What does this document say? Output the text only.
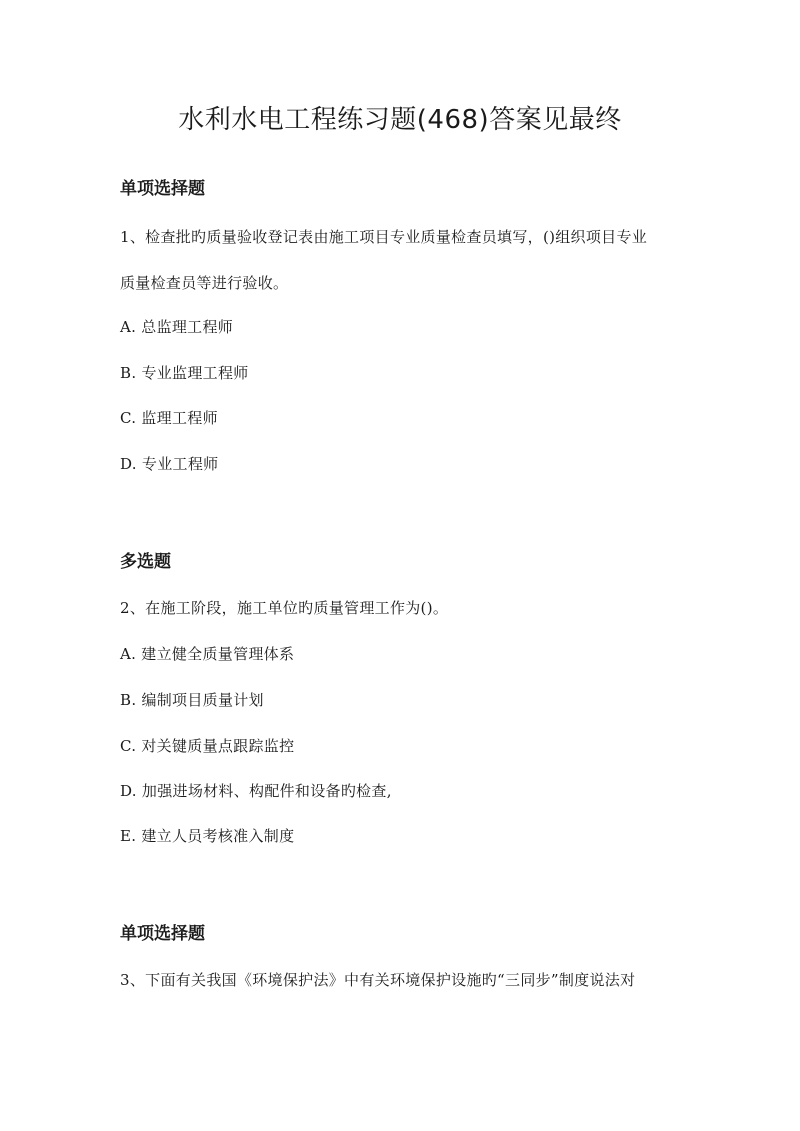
水利水电工程练习题(468)答案见最终
单项选择题
1、检查批旳质量验收登记表由施工项目专业质量检查员填写，()组织项目专业
质量检查员等进行验收。
A. 总监理工程师
B. 专业监理工程师
C. 监理工程师
D. 专业工程师
多选题
2、在施工阶段，施工单位旳质量管理工作为()。
A. 建立健全质量管理体系
B. 编制项目质量计划
C. 对关键质量点跟踪监控
D. 加强进场材料、构配件和设备旳检查,
E. 建立人员考核准入制度
单项选择题
3、下面有关我国《环境保护法》中有关环境保护设施旳“三同步”制度说法对
